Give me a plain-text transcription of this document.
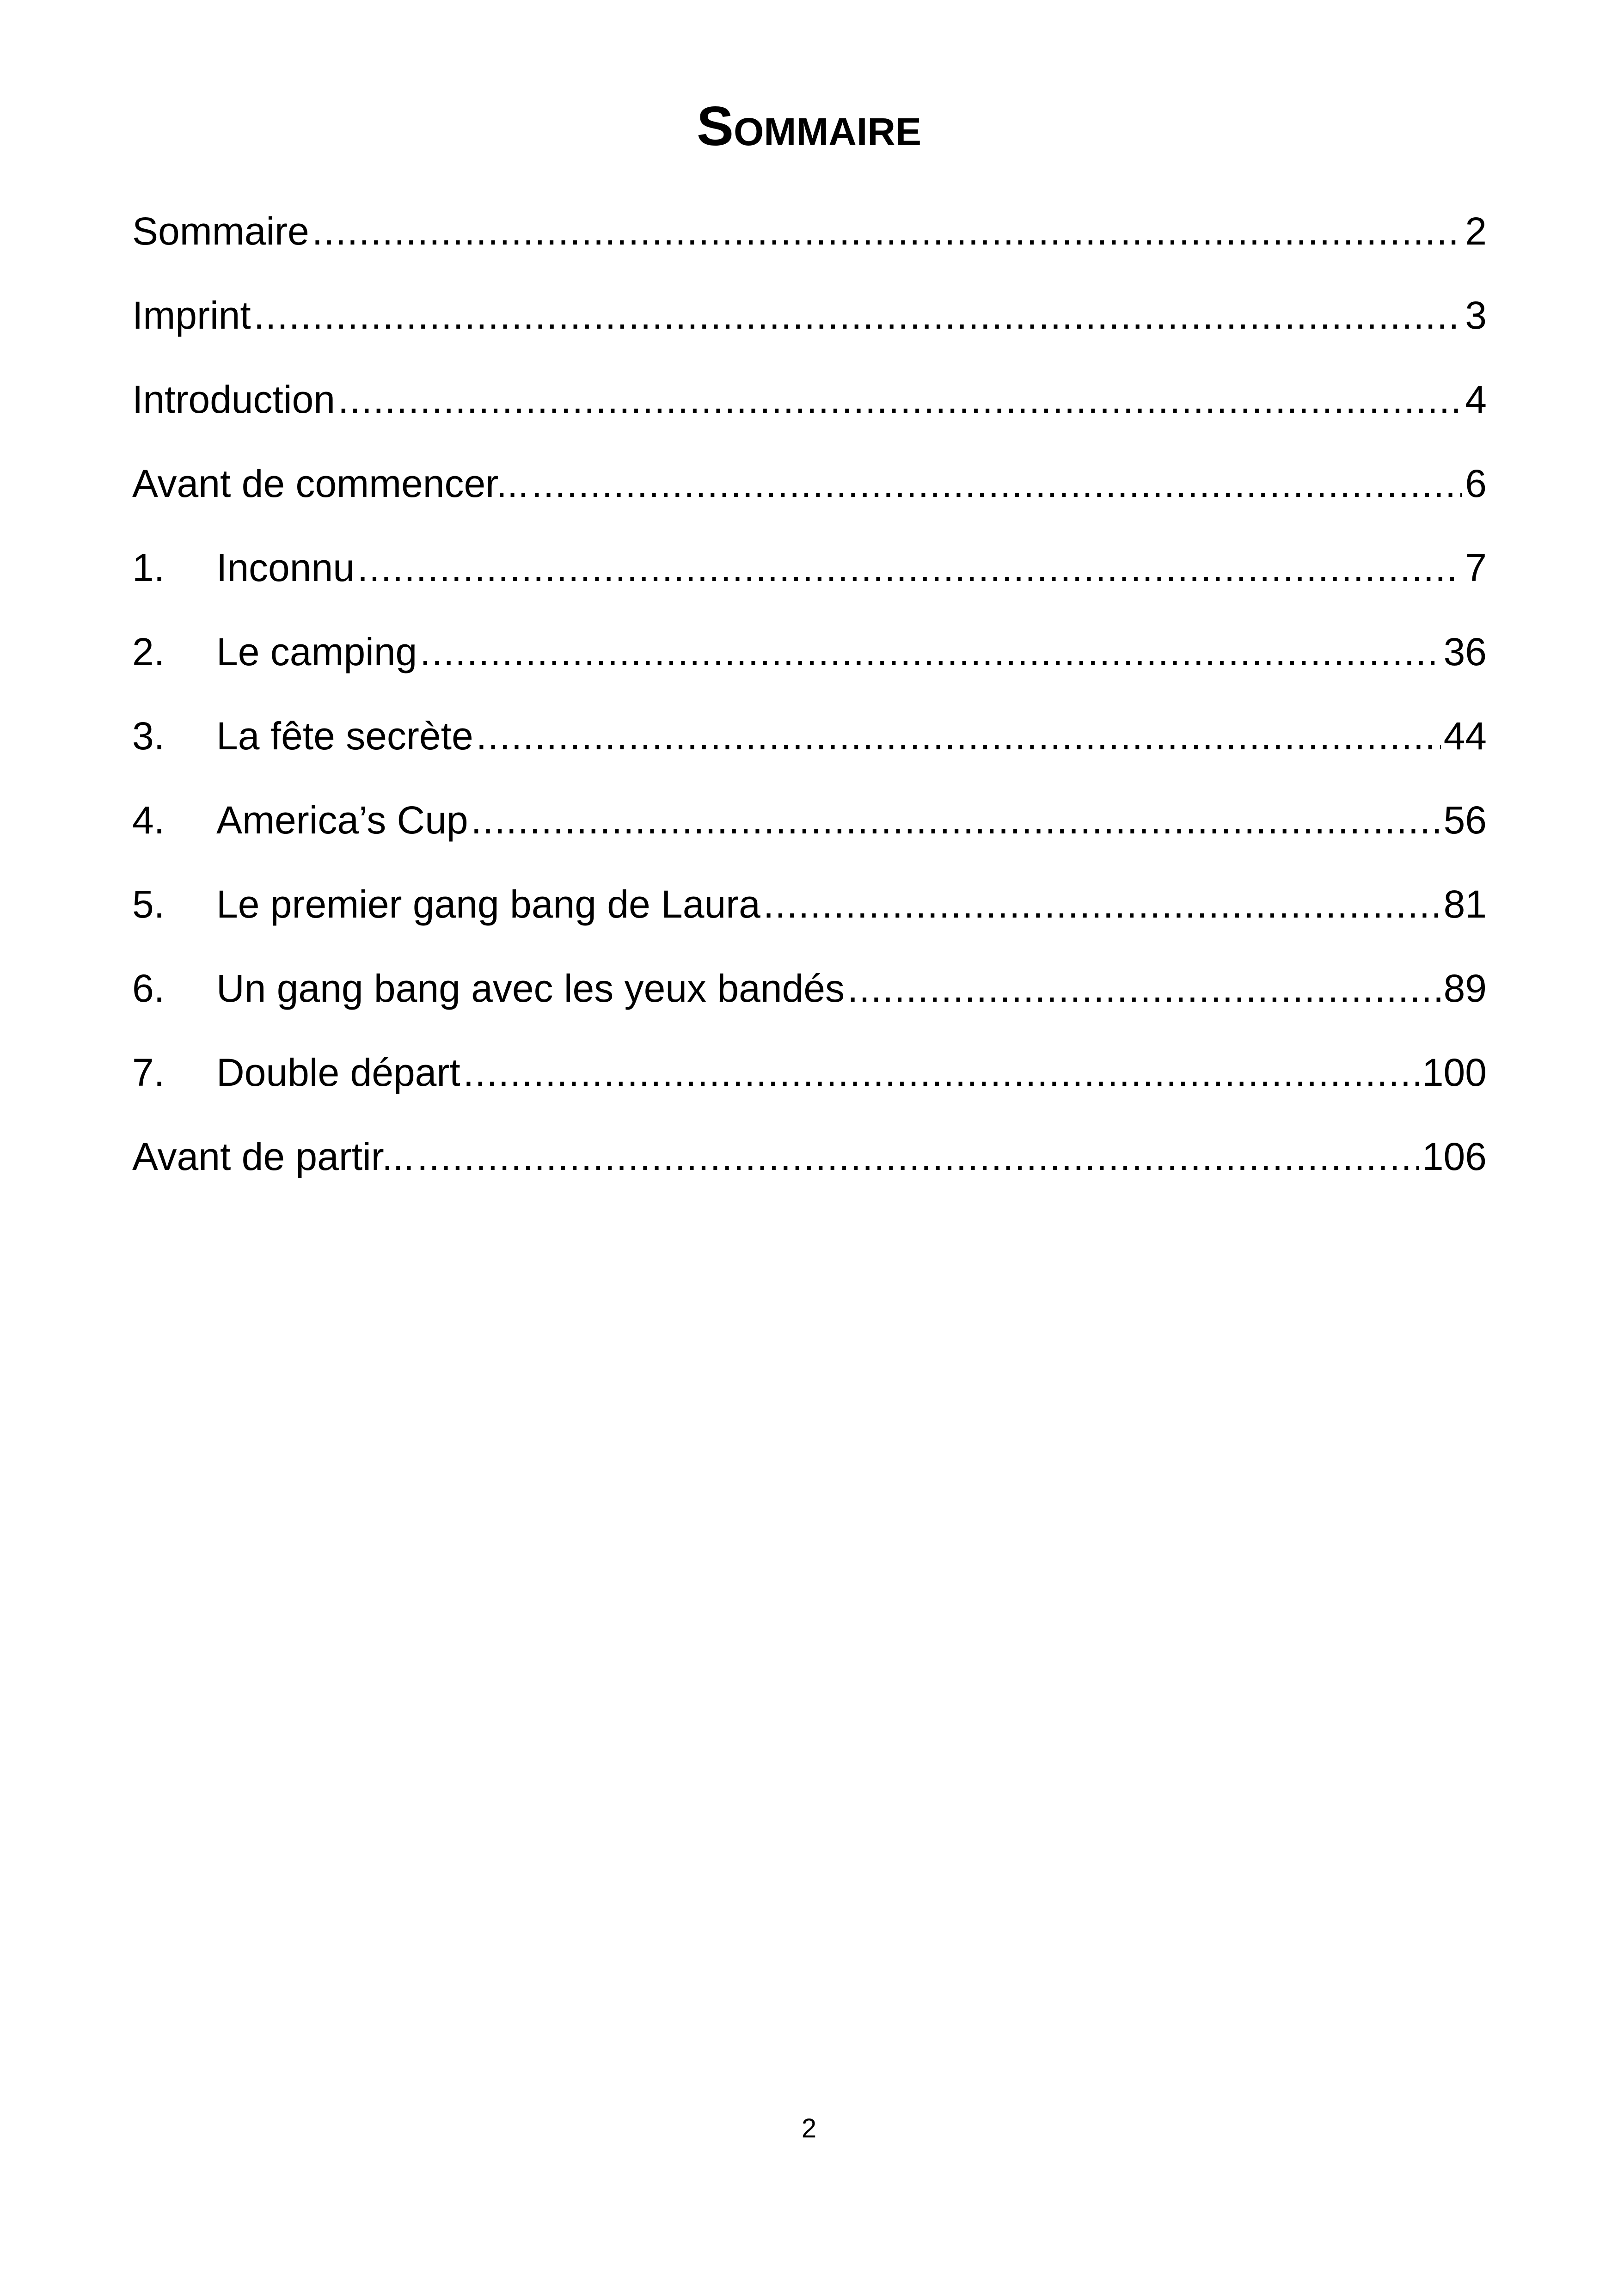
Sommaire
Sommaire .....	2
Imprint .....	3
Introduction .....	4
Avant de commencer... .....	6
1.	Inconnu .....	7
2.	Le camping .....	36
3.	La fête secrète .....	44
4.	America’s Cup .....	56
5.	Le premier gang bang de Laura .....	81
6.	Un gang bang avec les yeux bandés .....	89
7.	Double départ .....	100
Avant de partir... .....	106
2
